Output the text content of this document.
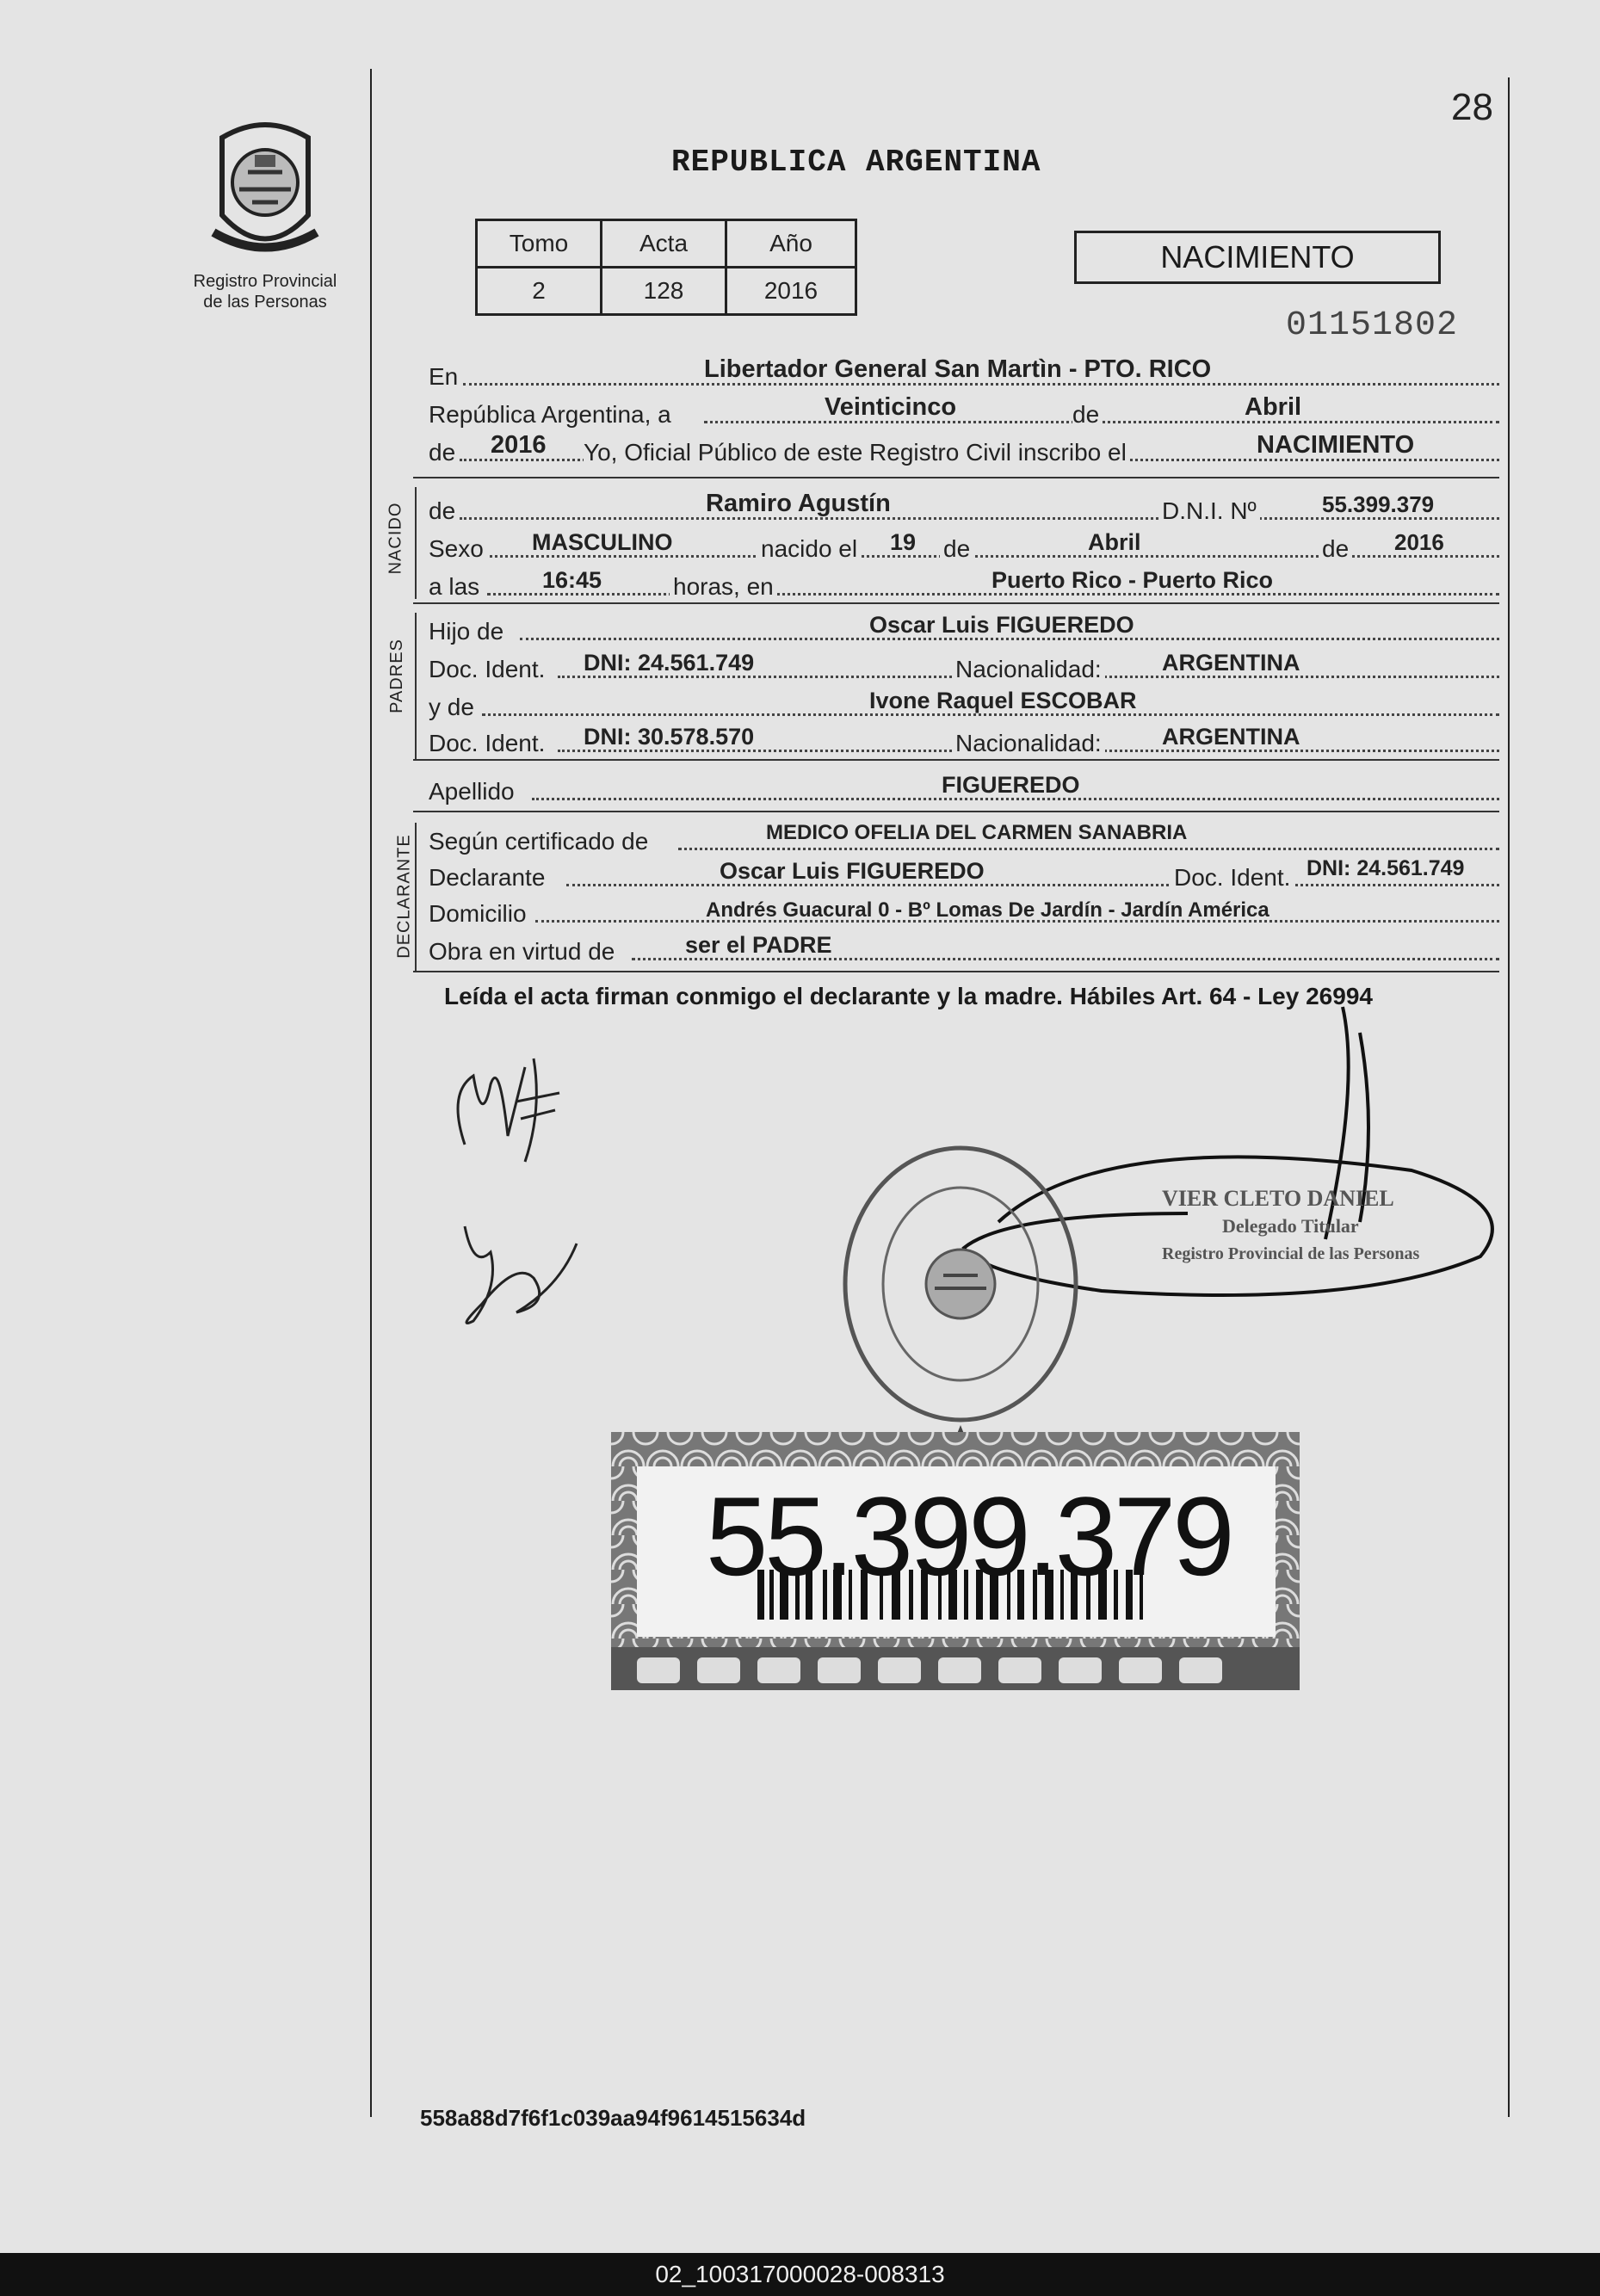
Registro Provincial
de las Personas
REPUBLICA ARGENTINA
28
Tomo	Acta	Año
2	128	2016
NACIMIENTO
01151802
En	Libertador General San Martìn - PTO. RICO
República Argentina, a	Veinticinco	de	Abril
de 2016 Yo, Oficial Público de este Registro Civil inscribo el	NACIMIENTO
NACIDO de	Ramiro Agustín	D.N.I. Nº	55.399.379
Sexo MASCULINO	nacido el 19 de	Abril	de 2016
a las	16:45	horas, en	Puerto Rico - Puerto Rico
PADRES
Hijo de	Oscar Luis FIGUEREDO
Doc. Ident. DNI: 24.561.749	Nacionalidad:	ARGENTINA
y de	Ivone Raquel ESCOBAR
Doc. Ident. DNI: 30.578.570	Nacionalidad:	ARGENTINA
Apellido	FIGUEREDO
DECLARANTE Según certificado de	MEDICO OFELIA DEL CARMEN SANABRIA
Declarante	Oscar Luis FIGUEREDO	Doc. Ident. DNI: 24.561.749
Domicilio	Andrés Guacural 0 - Bº Lomas De Jardín - Jardín América
Obra en virtud de	ser el PADRE
Leída el acta firman conmigo el declarante y la madre. Hábiles Art. 64 - Ley 26994
VIER CLETO DANIEL
Delegado Titular
Registro Provincial de las Personas
55.399.379
558a88d7f6f1c039aa94f9614515634d
02_100317000028-008313
